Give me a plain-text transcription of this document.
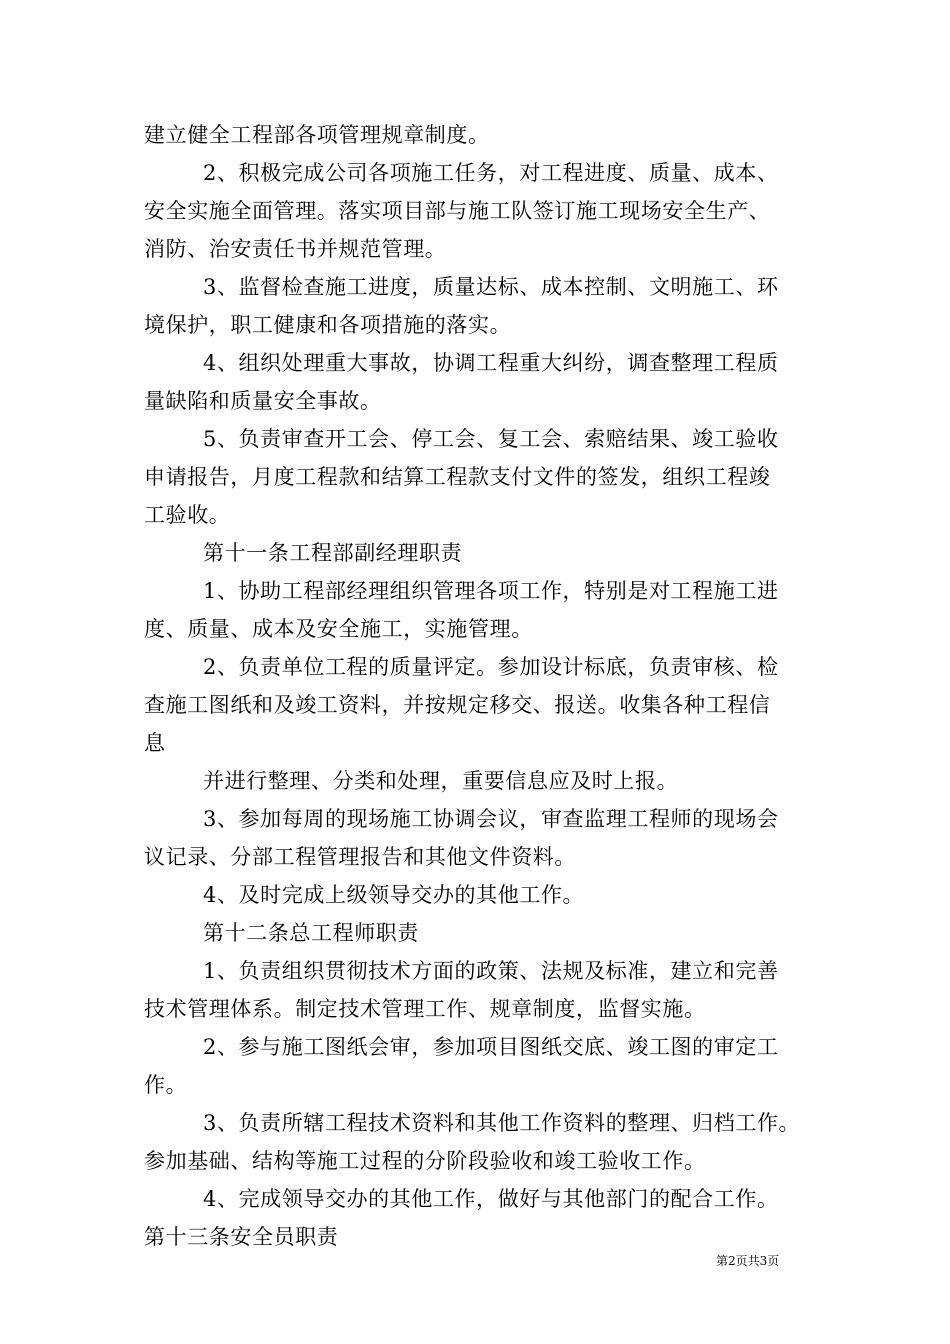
建立健全工程部各项管理规章制度。
2、积极完成公司各项施工任务，对工程进度、质量、成本、
安全实施全面管理。落实项目部与施工队签订施工现场安全生产、
消防、治安责任书并规范管理。
3、监督检查施工进度，质量达标、成本控制、文明施工、环
境保护，职工健康和各项措施的落实。
4、组织处理重大事故，协调工程重大纠纷，调查整理工程质
量缺陷和质量安全事故。
5、负责审查开工会、停工会、复工会、索赔结果、竣工验收
申请报告，月度工程款和结算工程款支付文件的签发，组织工程竣
工验收。
第十一条工程部副经理职责
1、协助工程部经理组织管理各项工作，特别是对工程施工进
度、质量、成本及安全施工，实施管理。
2、负责单位工程的质量评定。参加设计标底，负责审核、检
查施工图纸和及竣工资料，并按规定移交、报送。收集各种工程信
息
并进行整理、分类和处理，重要信息应及时上报。
3、参加每周的现场施工协调会议，审查监理工程师的现场会
议记录、分部工程管理报告和其他文件资料。
4、及时完成上级领导交办的其他工作。
第十二条总工程师职责
1、负责组织贯彻技术方面的政策、法规及标准，建立和完善
技术管理体系。制定技术管理工作、规章制度，监督实施。
2、参与施工图纸会审，参加项目图纸交底、竣工图的审定工
作。
3、负责所辖工程技术资料和其他工作资料的整理、归档工作。
参加基础、结构等施工过程的分阶段验收和竣工验收工作。
4、完成领导交办的其他工作，做好与其他部门的配合工作。
第十三条安全员职责
第2页共3页
